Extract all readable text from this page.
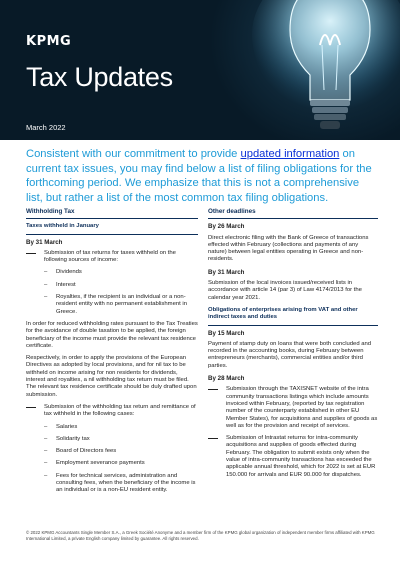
KPMG
Tax Updates
March 2022
Consistent with our commitment to provide updated information on current tax issues, you may find below a list of filing obligations for the forthcoming period. We emphasize that this is not a comprehensive list, but rather a list of the most common tax filing obligations.
Withholding Tax
Taxes withheld in January
By 31 March
Submission of tax returns for taxes withheld on the following sources of income:
– Dividends
– Interest
– Royalties, if the recipient is an individual or a non-resident entity with no permanent establishment in Greece.

In order for reduced withholding rates pursuant to the Tax Treaties for the avoidance of double taxation to be applied, the foreign beneficiary of the income must provide the relevant tax residence certificate.

Respectively, in order to apply the provisions of the European Directives as adopted by local provisions, and for nil tax to be withheld on income arising for non residents for dividends, interest and royalties, a nil withholding tax return must be filed. The relevant tax residence certificate should be duly drafted upon submission.

Submission of the withholding tax return and remittance of tax withheld in the following cases:
– Salaries
– Solidarity tax
– Board of Directors fees
– Employment severance payments
– Fees for technical services, administration and consulting fees, when the beneficiary of the income is an individual or is a non-EU resident entity.
Other deadlines
By 26 March

Direct electronic filing with the Bank of Greece of transactions effected within February (collections and payments of any nature) between legal entities operating in Greece and non-residents.

By 31 March

Submission of the local invoices issued/received lists in accordance with article 14 (par 3) of Law 4174/2013 for the calendar year 2021.

Obligations of enterprises arising from VAT and other indirect taxes and duties
By 15 March

Payment of stamp duty on loans that were both concluded and recorded in the accounting books, during February between entrepreneurs (merchants), commercial entities and/or third parties.

By 28 March
Submission through the TAXISNET website of the intra community transactions listings which include amounts invoiced within February, (reported by tax registration number of the counterparty established in other EU Member States), for acquisitions and supplies of goods as well as for the provision and receipt of services.
Submission of Intrastat returns for intra-community acquisitions and supplies of goods effected during February. The obligation to submit exists only when the value of intra-community transactions has exceeded the applicable annual threshold, which for 2022 is set at EUR 150.000 for arrivals and EUR 90.000 for dispatches.
© 2022 KPMG Accountants Single Member S.A., a Greek Société Anonyme and a member firm of the KPMG global organization of independent member firms affiliated with KPMG International Limited, a private English company limited by guarantee. All rights reserved.
